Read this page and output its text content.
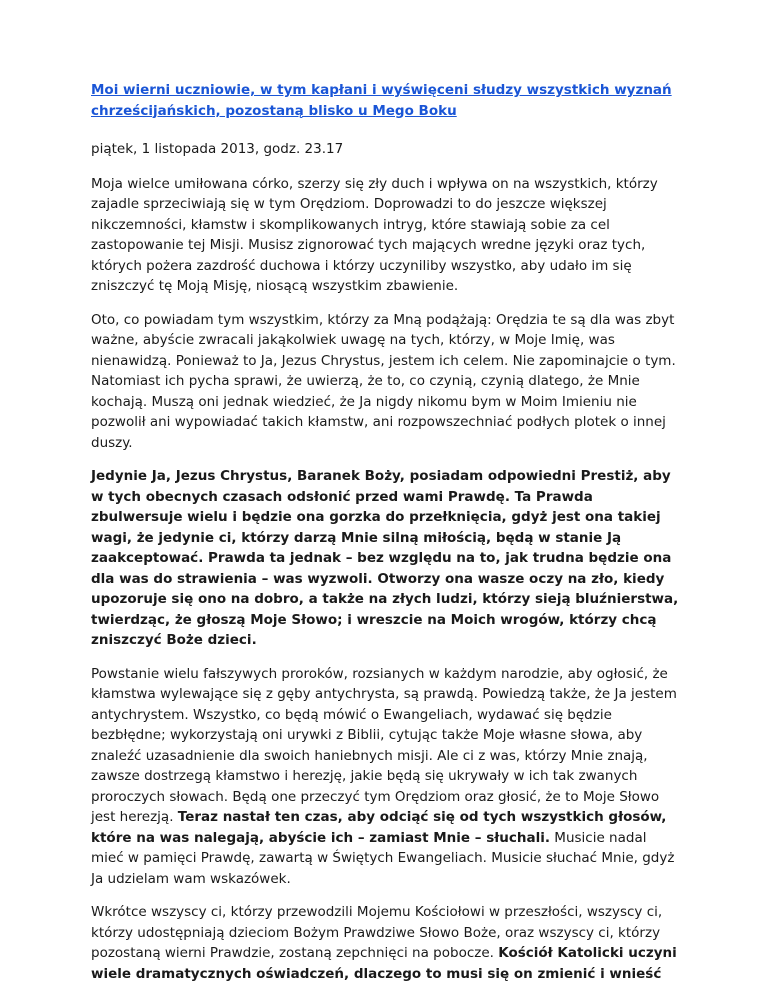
Moi wierni uczniowie, w tym kapłani i wyświęceni słudzy wszystkich wyznań chrześcijańskich, pozostaną blisko u Mego Boku

piątek, 1 listopada 2013, godz. 23.17

Moja wielce umiłowana córko, szerzy się zły duch i wpływa on na wszystkich, którzy zajadle sprzeciwiają się w tym Orędziom. Doprowadzi to do jeszcze większej nikczemności, kłamstw i skomplikowanych intryg, które stawiają sobie za cel zastopowanie tej Misji. Musisz zignorować tych mających wredne języki oraz tych, których pożera zazdrość duchowa i którzy uczyniliby wszystko, aby udało im się zniszczyć tę Moją Misję, niosącą wszystkim zbawienie.

Oto, co powiadam tym wszystkim, którzy za Mną podążają: Orędzia te są dla was zbyt ważne, abyście zwracali jakąkolwiek uwagę na tych, którzy, w Moje Imię, was nienawidzą. Ponieważ to Ja, Jezus Chrystus, jestem ich celem. Nie zapominajcie o tym. Natomiast ich pycha sprawi, że uwierzą, że to, co czynią, czynią dlatego, że Mnie kochają. Muszą oni jednak wiedzieć, że Ja nigdy nikomu bym w Moim Imieniu nie pozwolił ani wypowiadać takich kłamstw, ani rozpowszechniać podłych plotek o innej duszy.

Jedynie Ja, Jezus Chrystus, Baranek Boży, posiadam odpowiedni Prestiż, aby w tych obecnych czasach odsłonić przed wami Prawdę. Ta Prawda zbulwersuje wielu i będzie ona gorzka do przełknięcia, gdyż jest ona takiej wagi, że jedynie ci, którzy darzą Mnie silną miłością, będą w stanie Ją zaakceptować. Prawda ta jednak – bez względu na to, jak trudna będzie ona dla was do strawienia – was wyzwoli. Otworzy ona wasze oczy na zło, kiedy upozoruje się ono na dobro, a także na złych ludzi, którzy sieją bluźnierstwa, twierdząc, że głoszą Moje Słowo; i wreszcie na Moich wrogów, którzy chcą zniszczyć Boże dzieci.

Powstanie wielu fałszywych proroków, rozsianych w każdym narodzie, aby ogłosić, że kłamstwa wylewające się z gęby antychrysta, są prawdą. Powiedzą także, że Ja jestem antychrystem. Wszystko, co będą mówić o Ewangeliach, wydawać się będzie bezbłędne; wykorzystają oni urywki z Biblii, cytując także Moje własne słowa, aby znaleźć uzasadnienie dla swoich haniebnych misji. Ale ci z was, którzy Mnie znają, zawsze dostrzegą kłamstwo i herezję, jakie będą się ukrywały w ich tak zwanych proroczych słowach. Będą one przeczyć tym Orędziom oraz głosić, że to Moje Słowo jest herezją. Teraz nastał ten czas, aby odciąć się od tych wszystkich głosów, które na was nalegają, abyście ich – zamiast Mnie – słuchali. Musicie nadal mieć w pamięci Prawdę, zawartą w Świętych Ewangeliach. Musicie słuchać Mnie, gdyż Ja udzielam wam wskazówek.

Wkrótce wszyscy ci, którzy przewodzili Mojemu Kościołowi w przeszłości, wszyscy ci, którzy udostępniają dzieciom Bożym Prawdziwe Słowo Boże, oraz wszyscy ci, którzy pozostaną wierni Prawdzie, zostaną zepchnięci na pobocze. Kościół Katolicki uczyni wiele dramatycznych oświadczeń, dlaczego to musi się on zmienić i wnieść
